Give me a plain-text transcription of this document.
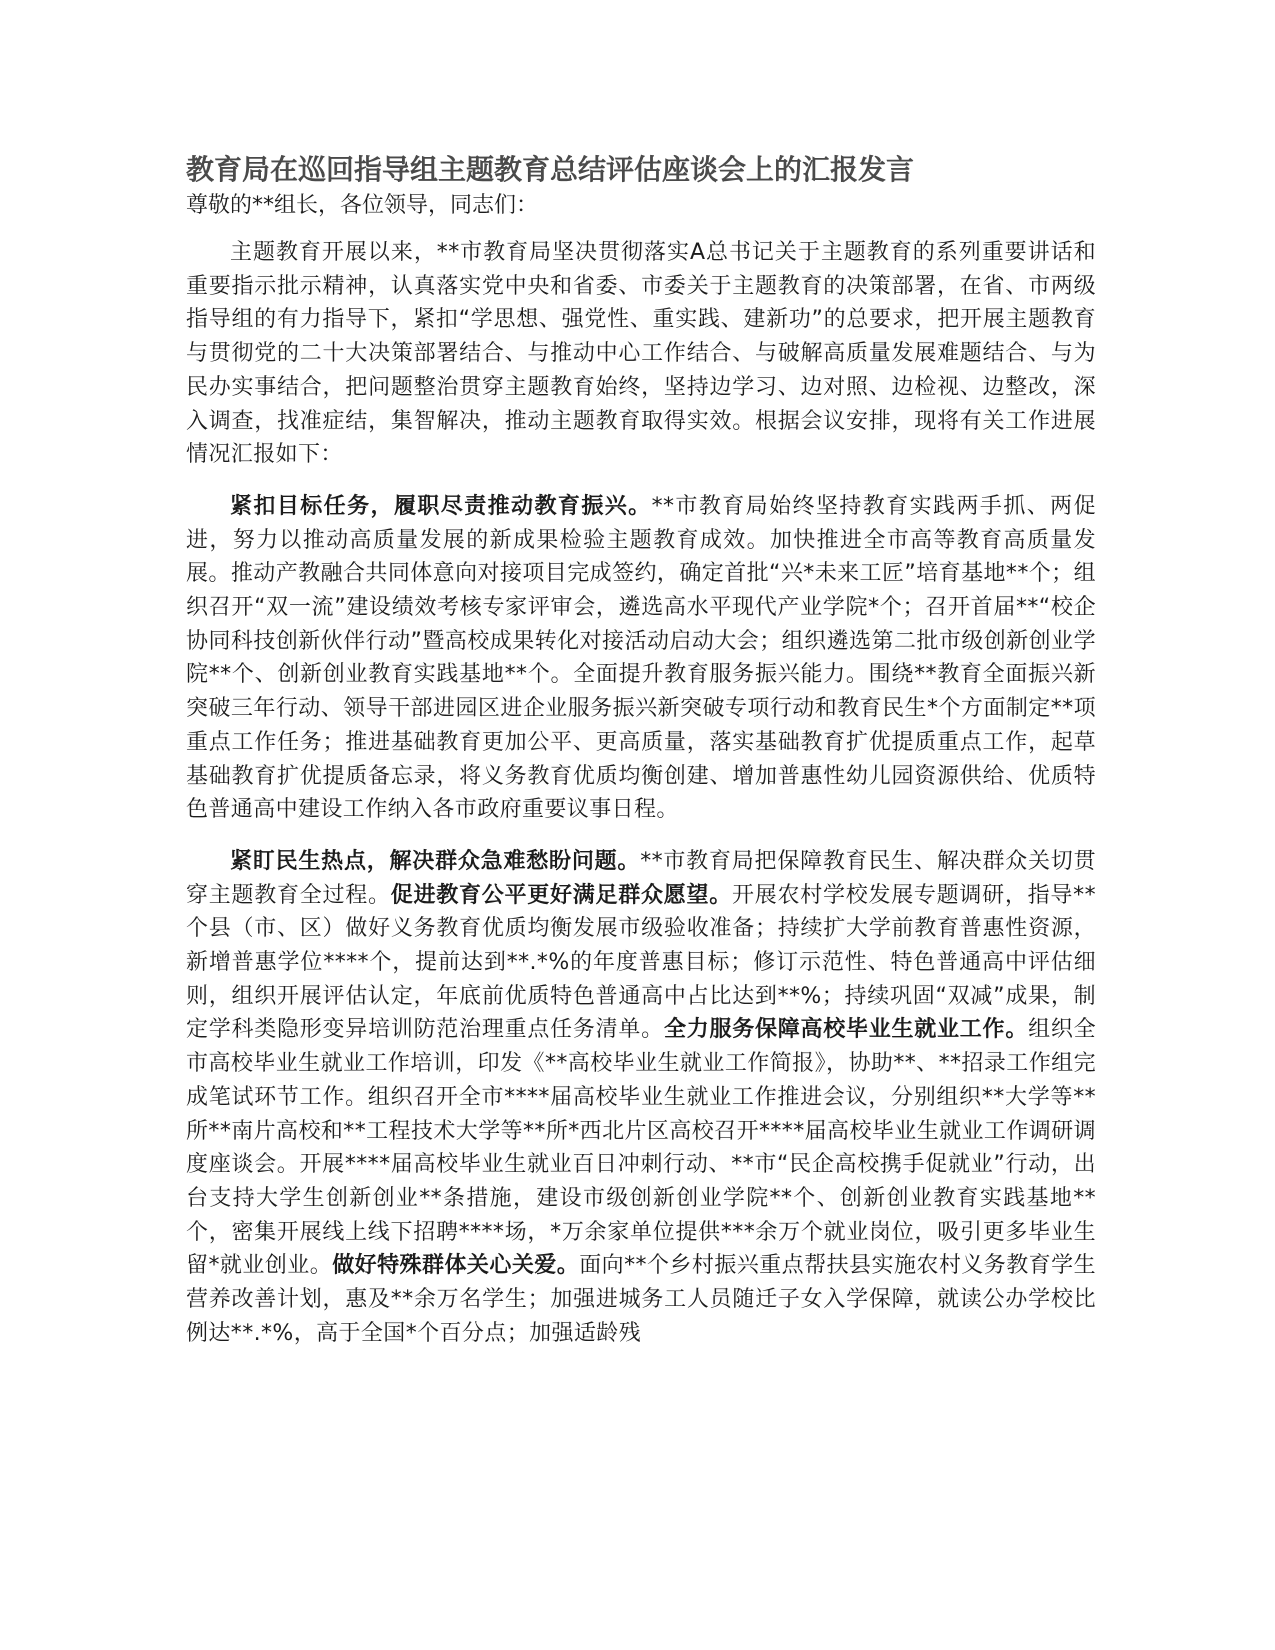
教育局在巡回指导组主题教育总结评估座谈会上的汇报发言

尊敬的**组长，各位领导，同志们：

主题教育开展以来，**市教育局坚决贯彻落实A总书记关于主题教育的系列重要讲话和重要指示批示精神，认真落实党中央和省委、市委关于主题教育的决策部署，在省、市两级指导组的有力指导下，紧扣“学思想、强党性、重实践、建新功”的总要求，把开展主题教育与贯彻党的二十大决策部署结合、与推动中心工作结合、与破解高质量发展难题结合、与为民办实事结合，把问题整治贯穿主题教育始终，坚持边学习、边对照、边检视、边整改，深入调查，找准症结，集智解决，推动主题教育取得实效。根据会议安排，现将有关工作进展情况汇报如下：

紧扣目标任务，履职尽责推动教育振兴。**市教育局始终坚持教育实践两手抓、两促进，努力以推动高质量发展的新成果检验主题教育成效。加快推进全市高等教育高质量发展。推动产教融合共同体意向对接项目完成签约，确定首批“兴*未来工匠”培育基地**个；组织召开“双一流”建设绩效考核专家评审会，遴选高水平现代产业学院*个；召开首届**“校企协同科技创新伙伴行动”暨高校成果转化对接活动启动大会；组织遴选第二批市级创新创业学院**个、创新创业教育实践基地**个。全面提升教育服务振兴能力。围绕**教育全面振兴新突破三年行动、领导干部进园区进企业服务振兴新突破专项行动和教育民生*个方面制定**项重点工作任务；推进基础教育更加公平、更高质量，落实基础教育扩优提质重点工作，起草基础教育扩优提质备忘录，将义务教育优质均衡创建、增加普惠性幼儿园资源供给、优质特色普通高中建设工作纳入各市政府重要议事日程。

紧盯民生热点，解决群众急难愁盼问题。**市教育局把保障教育民生、解决群众关切贯穿主题教育全过程。促进教育公平更好满足群众愿望。开展农村学校发展专题调研，指导**个县（市、区）做好义务教育优质均衡发展市级验收准备；持续扩大学前教育普惠性资源，新增普惠学位****个，提前达到**.*%的年度普惠目标；修订示范性、特色普通高中评估细则，组织开展评估认定，年底前优质特色普通高中占比达到**%；持续巩固“双减”成果，制定学科类隐形变异培训防范治理重点任务清单。全力服务保障高校毕业生就业工作。组织全市高校毕业生就业工作培训，印发《**高校毕业生就业工作简报》，协助**、**招录工作组完成笔试环节工作。组织召开全市****届高校毕业生就业工作推进会议，分别组织**大学等**所**南片高校和**工程技术大学等**所*西北片区高校召开****届高校毕业生就业工作调研调度座谈会。开展****届高校毕业生就业百日冲刺行动、**市“民企高校携手促就业”行动，出台支持大学生创新创业**条措施，建设市级创新创业学院**个、创新创业教育实践基地**个，密集开展线上线下招聘****场，*万余家单位提供***余万个就业岗位，吸引更多毕业生留*就业创业。做好特殊群体关心关爱。面向**个乡村振兴重点帮扶县实施农村义务教育学生营养改善计划，惠及**余万名学生；加强进城务工人员随迁子女入学保障，就读公办学校比例达**.*%，高于全国*个百分点；加强适龄残
